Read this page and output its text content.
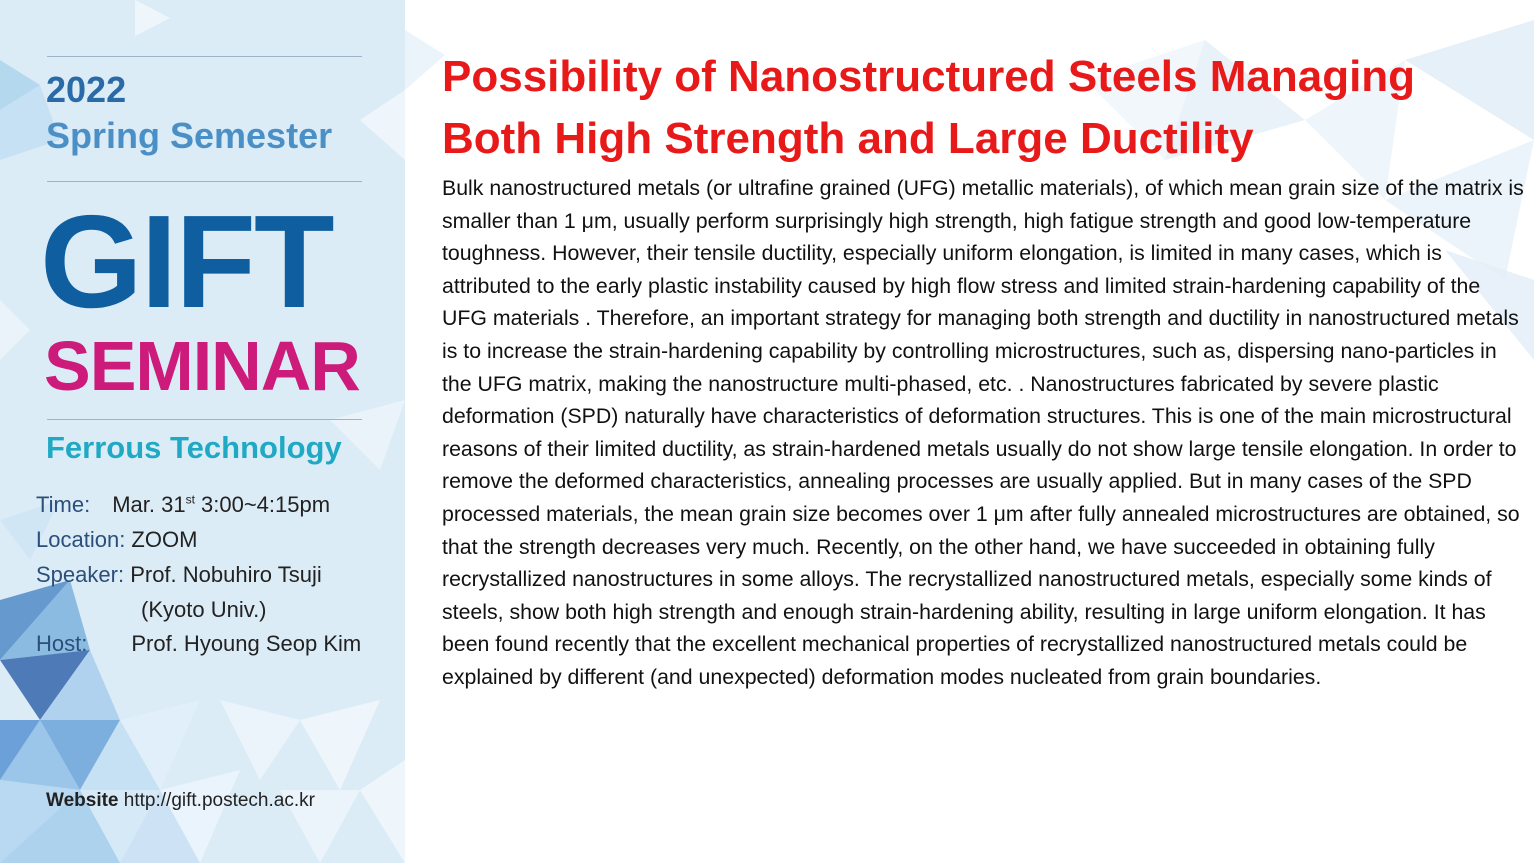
2022
Spring Semester
GIFT
SEMINAR
Ferrous Technology
Time: Mar. 31st 3:00~4:15pm
Location: ZOOM
Speaker: Prof. Nobuhiro Tsuji
(Kyoto Univ.)
Host: Prof. Hyoung Seop Kim
Website http://gift.postech.ac.kr
Possibility of Nanostructured Steels Managing Both High Strength and Large Ductility

Bulk nanostructured metals (or ultrafine grained (UFG) metallic materials), of which mean grain size of the matrix is smaller than 1 μm, usually perform surprisingly high strength, high fatigue strength and good low-temperature toughness. However, their tensile ductility, especially uniform elongation, is limited in many cases, which is attributed to the early plastic instability caused by high flow stress and limited strain-hardening capability of the UFG materials . Therefore, an important strategy for managing both strength and ductility in nanostructured metals is to increase the strain-hardening capability by controlling microstructures, such as, dispersing nano-particles in the UFG matrix, making the nanostructure multi-phased, etc. . Nanostructures fabricated by severe plastic deformation (SPD) naturally have characteristics of deformation structures. This is one of the main microstructural reasons of their limited ductility, as strain-hardened metals usually do not show large tensile elongation. In order to remove the deformed characteristics, annealing processes are usually applied. But in many cases of the SPD processed materials, the mean grain size becomes over 1 μm after fully annealed microstructures are obtained, so that the strength decreases very much. Recently, on the other hand, we have succeeded in obtaining fully recrystallized nanostructures in some alloys. The recrystallized nanostructured metals, especially some kinds of steels, show both high strength and enough strain-hardening ability, resulting in large uniform elongation. It has been found recently that the excellent mechanical properties of recrystallized nanostructured metals could be explained by different (and unexpected) deformation modes nucleated from grain boundaries.
